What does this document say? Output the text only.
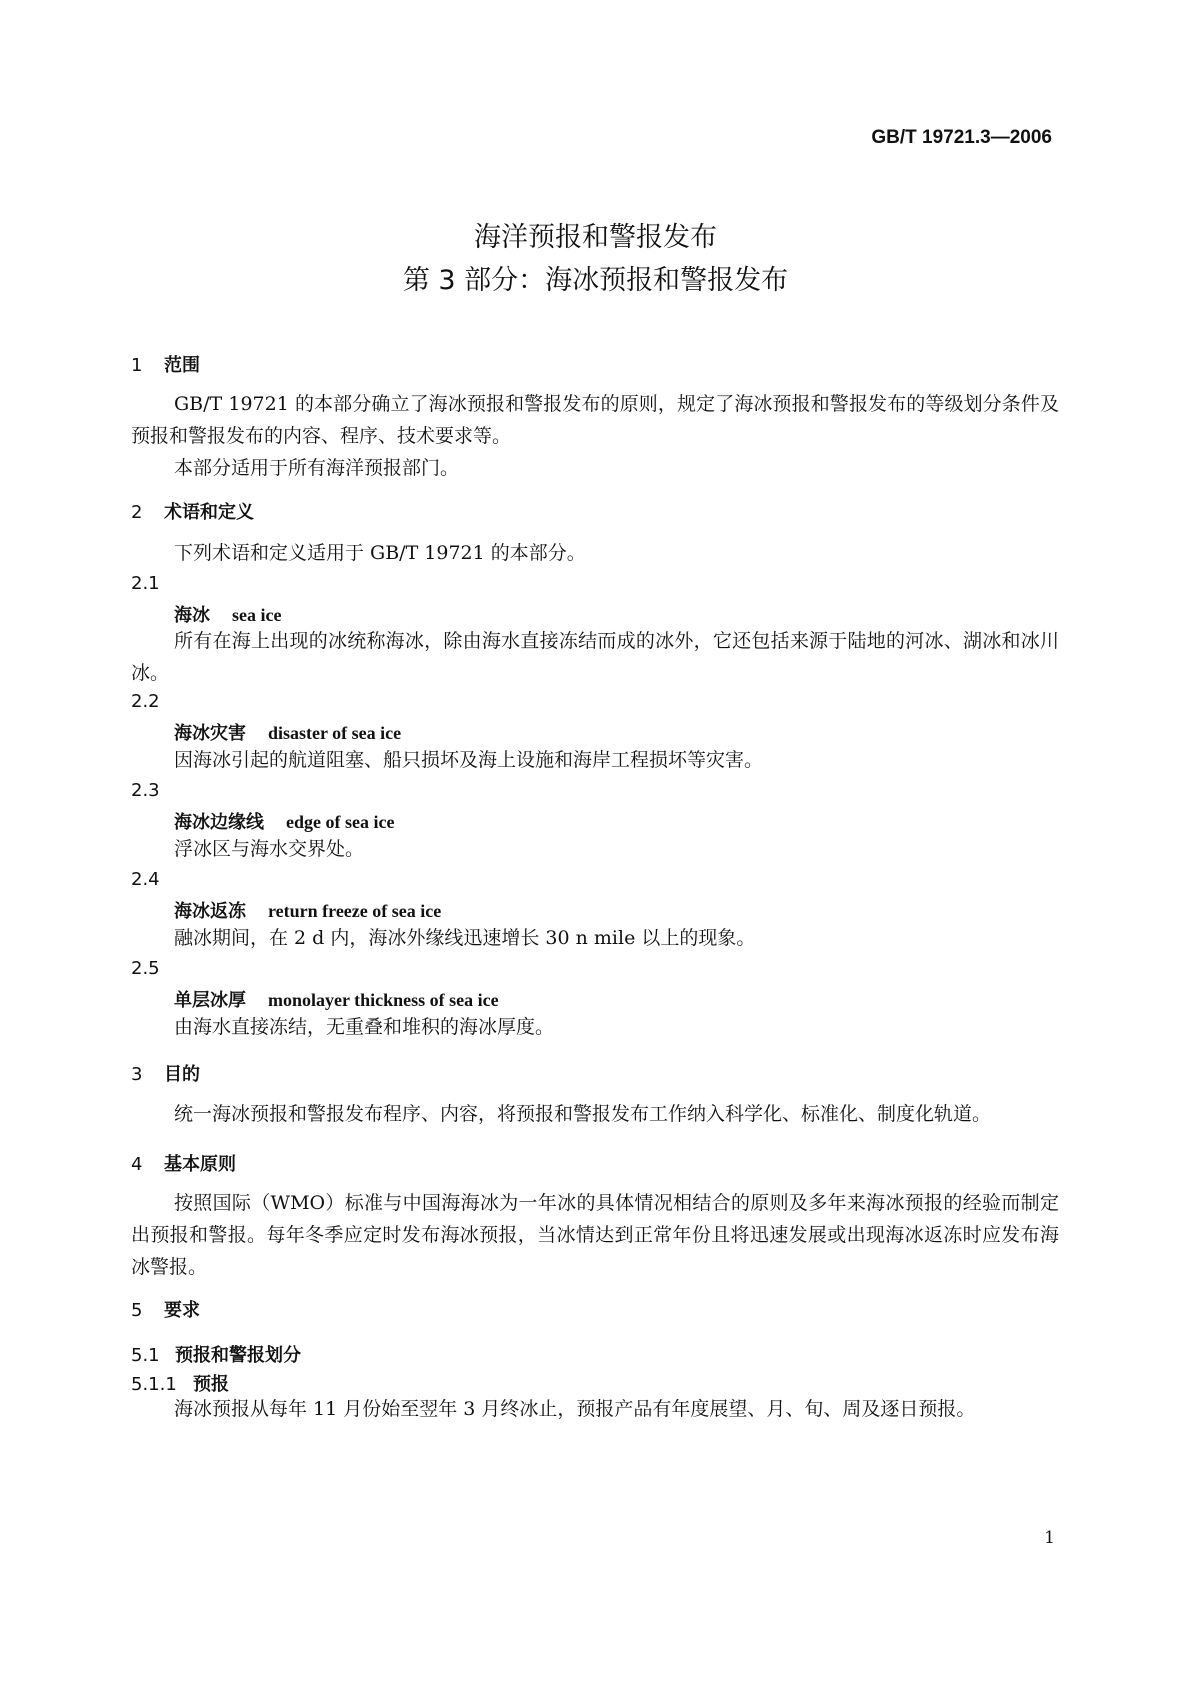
GB/T 19721.3—2006
海洋预报和警报发布
第 3 部分：海冰预报和警报发布
1 范围
GB/T 19721 的本部分确立了海冰预报和警报发布的原则，规定了海冰预报和警报发布的等级划分条件及预报和警报发布的内容、程序、技术要求等。
本部分适用于所有海洋预报部门。
2 术语和定义
下列术语和定义适用于 GB/T 19721 的本部分。
2.1
海冰 sea ice
所有在海上出现的冰统称海冰，除由海水直接冻结而成的冰外，它还包括来源于陆地的河冰、湖冰和冰川冰。
2.2
海冰灾害 disaster of sea ice
因海冰引起的航道阻塞、船只损坏及海上设施和海岸工程损坏等灾害。
2.3
海冰边缘线 edge of sea ice
浮冰区与海水交界处。
2.4
海冰返冻 return freeze of sea ice
融冰期间，在 2 d 内，海冰外缘线迅速增长 30 n mile 以上的现象。
2.5
单层冰厚 monolayer thickness of sea ice
由海水直接冻结，无重叠和堆积的海冰厚度。
3 目的
统一海冰预报和警报发布程序、内容，将预报和警报发布工作纳入科学化、标准化、制度化轨道。
4 基本原则
按照国际（WMO）标准与中国海海冰为一年冰的具体情况相结合的原则及多年来海冰预报的经验而制定出预报和警报。每年冬季应定时发布海冰预报，当冰情达到正常年份且将迅速发展或出现海冰返冻时应发布海冰警报。
5 要求
5.1 预报和警报划分
5.1.1 预报
海冰预报从每年 11 月份始至翌年 3 月终冰止，预报产品有年度展望、月、旬、周及逐日预报。
1
